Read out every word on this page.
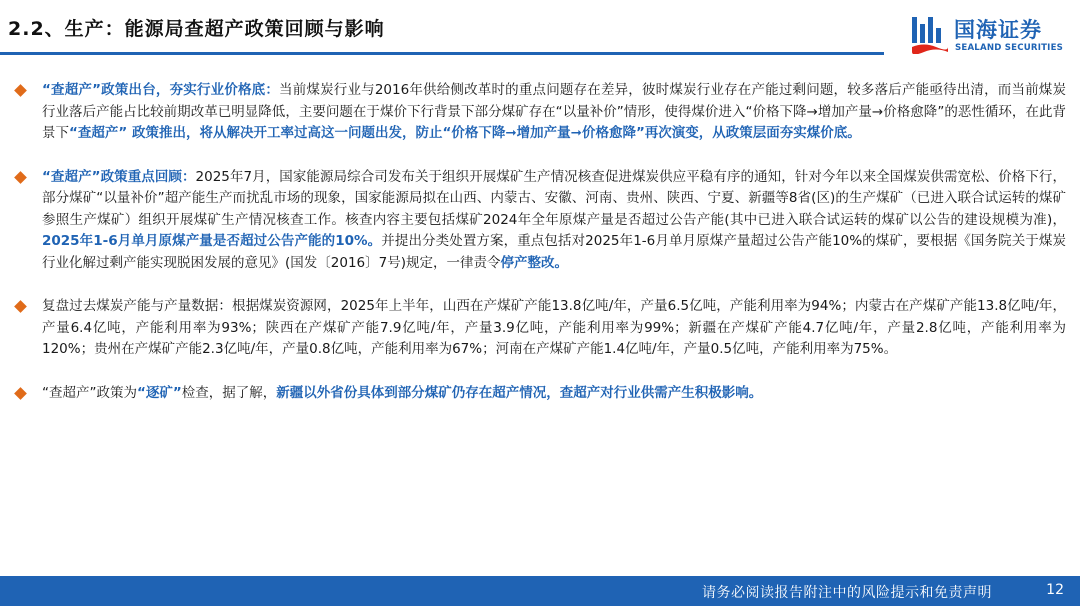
2.2、生产：能源局查超产政策回顾与影响	国海证券
SEALAND SECURITIES
“查超产”政策出台，夯实行业价格底：当前煤炭行业与2016年供给侧改革时的重点问题存在差异，彼时煤炭行业存在产能过剩问题，较多落后产能亟待出清，而当前煤炭行业落后产能占比较前期改革已明显降低，主要问题在于煤价下行背景下部分煤矿存在“以量补价”情形，使得煤价进入“价格下降→增加产量→价格愈降”的恶性循环，在此背景下“查超产” 政策推出，将从解决开工率过高这一问题出发，防止“价格下降➞增加产量➞价格愈降”再次演变，从政策层面夯实煤价底。
“查超产”政策重点回顾：2025年7月，国家能源局综合司发布关于组织开展煤矿生产情况核查促进煤炭供应平稳有序的通知，针对今年以来全国煤炭供需宽松、价格下行，部分煤矿“以量补价”超产能生产而扰乱市场的现象，国家能源局拟在山西、内蒙古、安徽、河南、贵州、陕西、宁夏、新疆等8省(区)的生产煤矿（已进入联合试运转的煤矿参照生产煤矿）组织开展煤矿生产情况核查工作。核查内容主要包括煤矿2024年全年原煤产量是否超过公告产能(其中已进入联合试运转的煤矿以公告的建设规模为准)，2025年1-6月单月原煤产量是否超过公告产能的10%。并提出分类处置方案，重点包括对2025年1-6月单月原煤产量超过公告产能10%的煤矿，要根据《国务院关于煤炭行业化解过剩产能实现脱困发展的意见》(国发〔2016〕7号)规定，一律责令停产整改。
复盘过去煤炭产能与产量数据：根据煤炭资源网，2025年上半年，山西在产煤矿产能13.8亿吨/年，产量6.5亿吨，产能利用率为94%；内蒙古在产煤矿产能13.8亿吨/年，产量6.4亿吨，产能利用率为93%；陕西在产煤矿产能7.9亿吨/年，产量3.9亿吨，产能利用率为99%；新疆在产煤矿产能4.7亿吨/年，产量2.8亿吨，产能利用率为120%；贵州在产煤矿产能2.3亿吨/年，产量0.8亿吨，产能利用率为67%；河南在产煤矿产能1.4亿吨/年，产量0.5亿吨，产能利用率为75%。
“查超产”政策为“逐矿”检查，据了解，新疆以外省份具体到部分煤矿仍存在超产情况，查超产对行业供需产生积极影响。
请务必阅读报告附注中的风险提示和免责声明	12
